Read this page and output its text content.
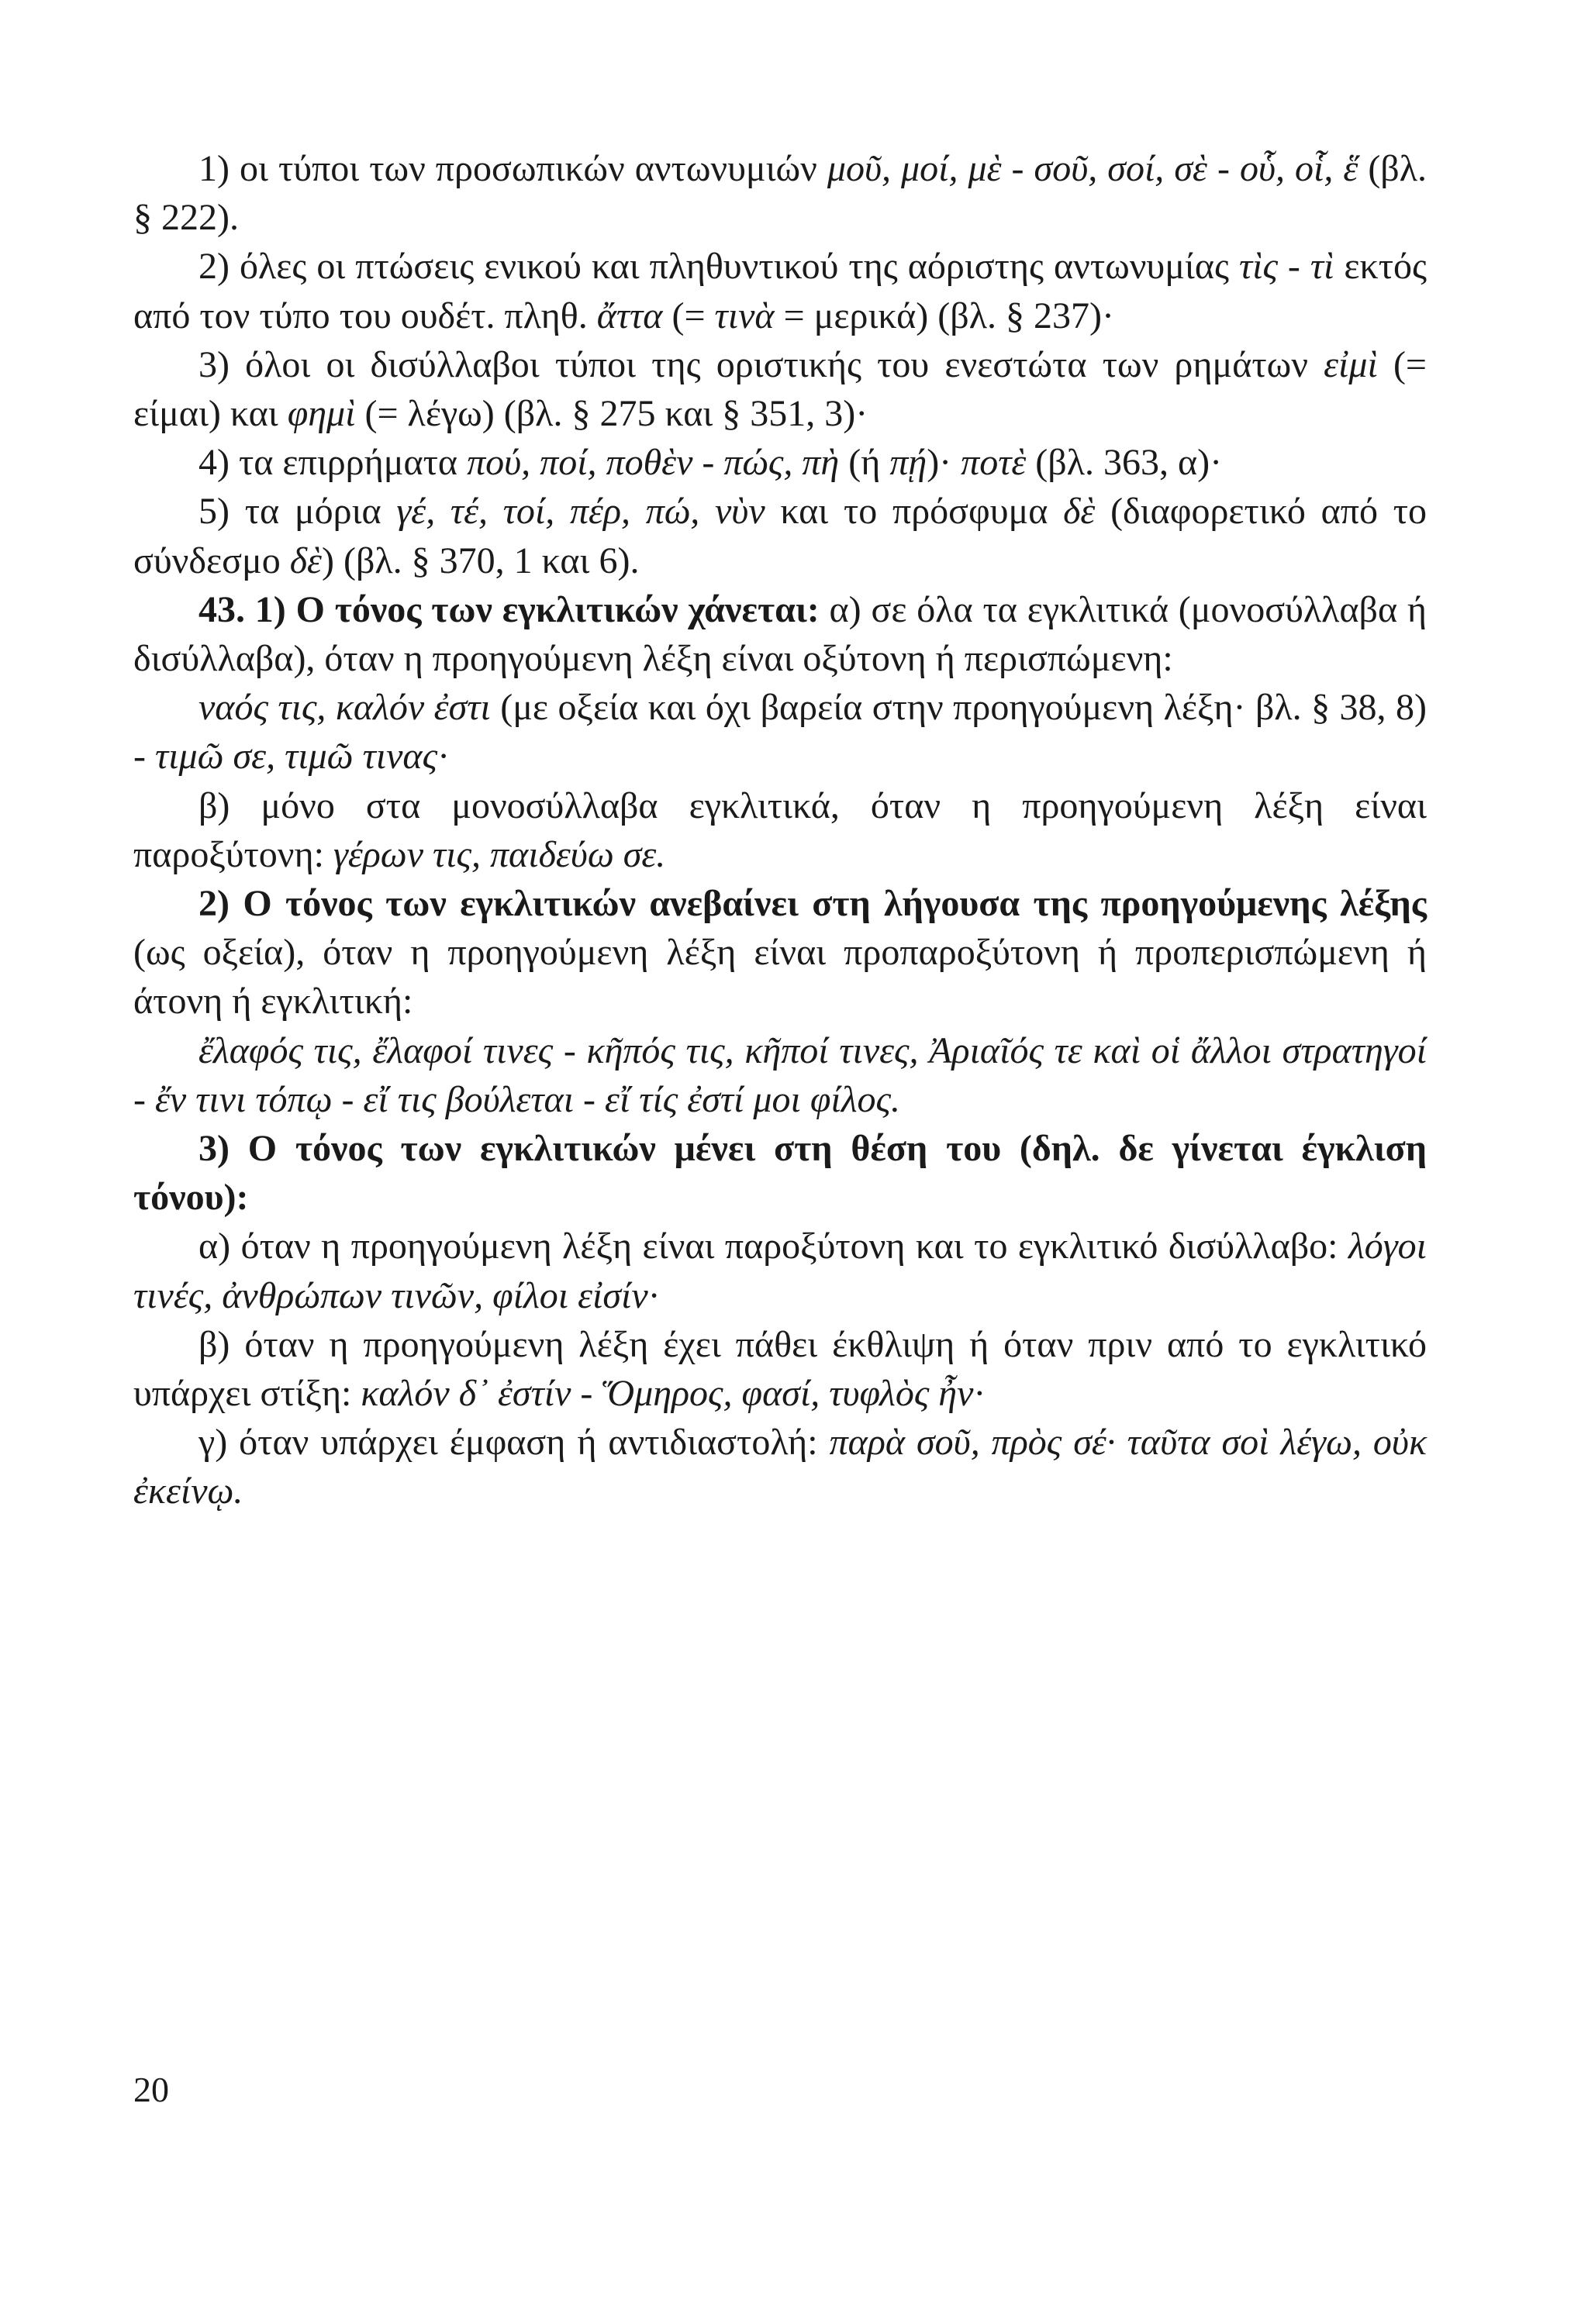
1) οι τύποι των προσωπικών αντωνυμιών μοῦ, μοί, μὲ - σοῦ, σοί, σὲ - οὗ, οἷ, ἕ (βλ. § 222).

2) όλες οι πτώσεις ενικού και πληθυντικού της αόριστης αντωνυμίας τὶς - τὶ εκτός από τον τύπο του ουδέτ. πληθ. ἄττα (= τινὰ = μερικά) (βλ. § 237)·

3) όλοι οι δισύλλαβοι τύποι της οριστικής του ενεστώτα των ρημάτων εἰμὶ (= είμαι) και φημὶ (= λέγω) (βλ. § 275 και § 351, 3)·

4) τα επιρρήματα πού, ποί, ποθὲν - πώς, πὴ (ή πῄ)· ποτὲ (βλ. 363, α)·

5) τα μόρια γέ, τέ, τοί, πέρ, πώ, νὺν και το πρόσφυμα δὲ (διαφορετικό από το σύνδεσμο δὲ) (βλ. § 370, 1 και 6).

43. 1) Ο τόνος των εγκλιτικών χάνεται: α) σε όλα τα εγκλιτικά (μονοσύλλαβα ή δισύλλαβα), όταν η προηγούμενη λέξη είναι οξύτονη ή περισπώμενη:

ναός τις, καλόν ἐστι (με οξεία και όχι βαρεία στην προηγούμενη λέξη· βλ. § 38, 8) - τιμῶ σε, τιμῶ τινας·

β) μόνο στα μονοσύλλαβα εγκλιτικά, όταν η προηγούμενη λέξη είναι παροξύτονη: γέρων τις, παιδεύω σε.

2) Ο τόνος των εγκλιτικών ανεβαίνει στη λήγουσα της προηγούμενης λέξης (ως οξεία), όταν η προηγούμενη λέξη είναι προπαροξύτονη ή προπερισπώμενη ή άτονη ή εγκλιτική:

ἔλαφός τις, ἔλαφοί τινες - κῆπός τις, κῆποί τινες, Ἀριαῖός τε καὶ οἱ ἄλλοι στρατηγοί - ἔν τινι τόπῳ - εἴ τις βούλεται - εἴ τίς ἐστί μοι φίλος.

3) Ο τόνος των εγκλιτικών μένει στη θέση του (δηλ. δε γίνεται έγκλιση τόνου):

α) όταν η προηγούμενη λέξη είναι παροξύτονη και το εγκλιτικό δισύλλαβο: λόγοι τινές, ἀνθρώπων τινῶν, φίλοι εἰσίν·

β) όταν η προηγούμενη λέξη έχει πάθει έκθλιψη ή όταν πριν από το εγκλιτικό υπάρχει στίξη: καλόν δ᾽ ἐστίν - Ὅμηρος, φασί, τυφλὸς ἦν·

γ) όταν υπάρχει έμφαση ή αντιδιαστολή: παρὰ σοῦ, πρὸς σέ· ταῦτα σοὶ λέγω, οὐκ ἐκείνῳ.

20
